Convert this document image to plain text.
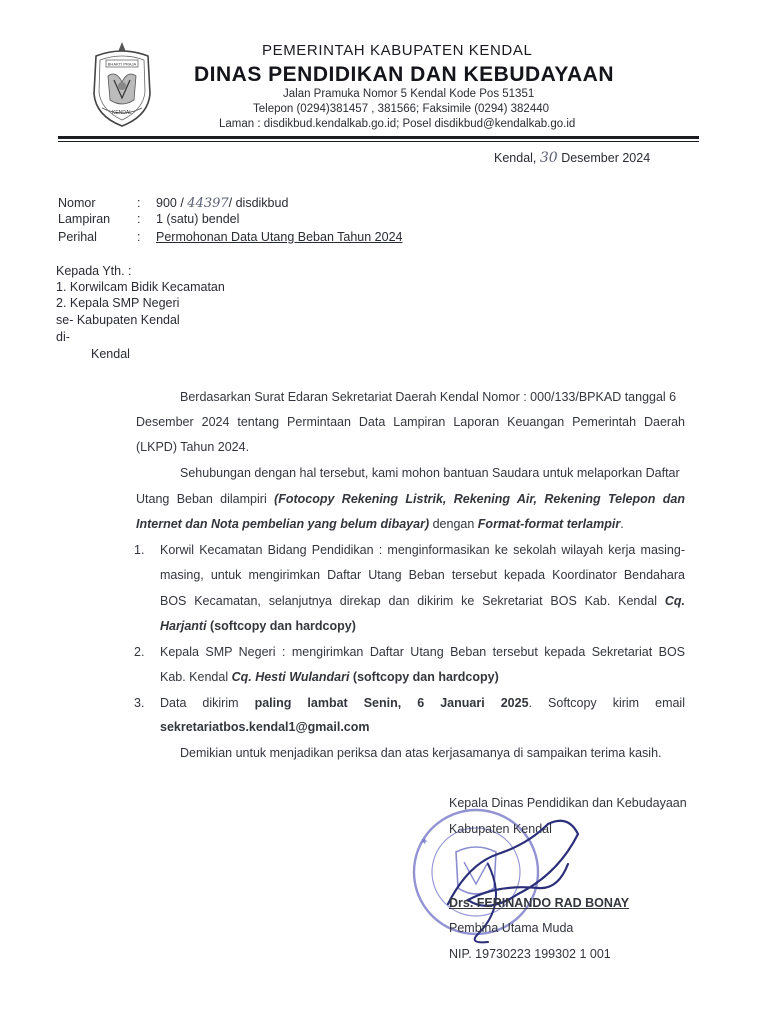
BHAKTI PRAJA
KENDAL
PEMERINTAH KABUPATEN KENDAL
DINAS PENDIDIKAN DAN KEBUDAYAAN
Jalan Pramuka Nomor 5 Kendal Kode Pos 51351
Telepon (0294)381457 , 381566; Faksimile (0294) 382440
Laman : disdikbud.kendalkab.go.id; Posel disdikbud@kendalkab.go.id
Kendal, 30 Desember 2024
Nomor
Lampiran
Perihal
:
:
:
900 / 44397/ disdikbud
1 (satu) bendel
Permohonan Data Utang Beban Tahun 2024
Kepada Yth. :
1. Korwilcam Bidik Kecamatan
2. Kepala SMP Negeri
se- Kabupaten Kendal
di-
Kendal
Berdasarkan Surat Edaran Sekretariat Daerah Kendal Nomor : 000/133/BPKAD tanggal 6
Desember 2024 tentang Permintaan Data Lampiran Laporan Keuangan Pemerintah Daerah
(LKPD) Tahun 2024.
Sehubungan dengan hal tersebut, kami mohon bantuan Saudara untuk melaporkan Daftar
Utang Beban dilampiri (Fotocopy Rekening Listrik, Rekening Air, Rekening Telepon dan
Internet dan Nota pembelian yang belum dibayar) dengan Format-format terlampir.
1. Korwil Kecamatan Bidang Pendidikan : menginformasikan ke sekolah wilayah kerja masing-
masing, untuk mengirimkan Daftar Utang Beban tersebut kepada Koordinator Bendahara
BOS Kecamatan, selanjutnya direkap dan dikirim ke Sekretariat BOS Kab. Kendal Cq.
Harjanti (softcopy dan hardcopy)
2. Kepala SMP Negeri : mengirimkan Daftar Utang Beban tersebut kepada Sekretariat BOS
Kab. Kendal Cq. Hesti Wulandari (softcopy dan hardcopy)
3. Data dikirim paling lambat Senin, 6 Januari 2025. Softcopy kirim email
sekretariatbos.kendal1@gmail.com
Demikian untuk menjadikan periksa dan atas kerjasamanya di sampaikan terima kasih.
★
Kepala Dinas Pendidikan dan Kebudayaan
Kabupaten Kendal
Drs. FERINANDO RAD BONAY
Pembina Utama Muda
NIP. 19730223 199302 1 001
